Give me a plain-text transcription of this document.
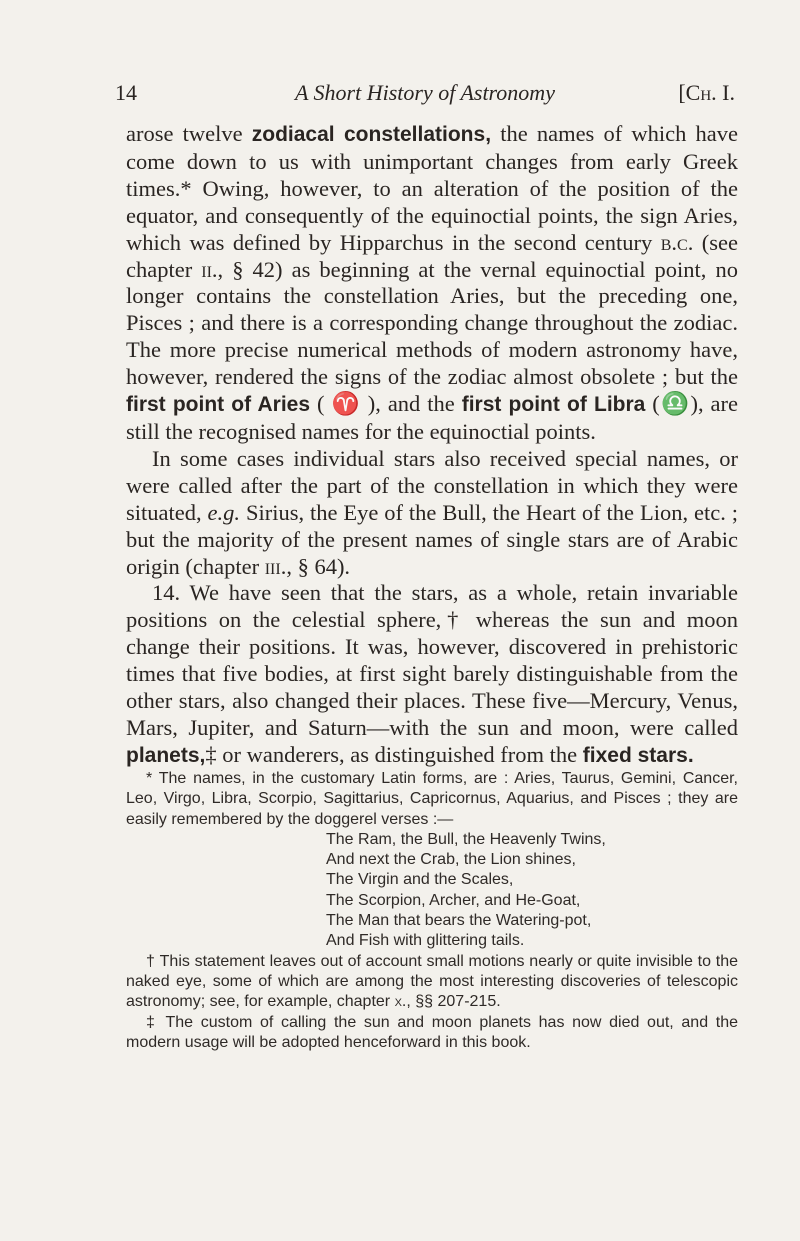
14	A Short History of Astronomy	[Ch. I.

arose twelve zodiacal constellations, the names of which have come down to us with unimportant changes from early Greek times.* Owing, however, to an alteration of the position of the equator, and consequently of the equinoctial points, the sign Aries, which was defined by Hipparchus in the second century b.c. (see chapter ii., § 42) as beginning at the vernal equinoctial point, no longer contains the constellation Aries, but the preceding one, Pisces ; and there is a corresponding change throughout the zodiac. The more precise numerical methods of modern astronomy have, however, rendered the signs of the zodiac almost obsolete ; but the first point of Aries ( ♈ ), and the first point of Libra (♎), are still the recognised names for the equinoctial points.

In some cases individual stars also received special names, or were called after the part of the constellation in which they were situated, e.g. Sirius, the Eye of the Bull, the Heart of the Lion, etc. ; but the majority of the present names of single stars are of Arabic origin (chapter iii., § 64).

14. We have seen that the stars, as a whole, retain invariable positions on the celestial sphere,† whereas the sun and moon change their positions. It was, however, discovered in prehistoric times that five bodies, at first sight barely distinguishable from the other stars, also changed their places. These five—Mercury, Venus, Mars, Jupiter, and Saturn—with the sun and moon, were called planets,‡ or wanderers, as distinguished from the fixed stars.

* The names, in the customary Latin forms, are : Aries, Taurus, Gemini, Cancer, Leo, Virgo, Libra, Scorpio, Sagittarius, Capricornus, Aquarius, and Pisces ; they are easily remembered by the doggerel verses :—

The Ram, the Bull, the Heavenly Twins,
And next the Crab, the Lion shines,
The Virgin and the Scales,
The Scorpion, Archer, and He-Goat,
The Man that bears the Watering-pot,
And Fish with glittering tails.

† This statement leaves out of account small motions nearly or quite invisible to the naked eye, some of which are among the most interesting discoveries of telescopic astronomy; see, for example, chapter x., §§ 207-215.

‡ The custom of calling the sun and moon planets has now died out, and the modern usage will be adopted henceforward in this book.
